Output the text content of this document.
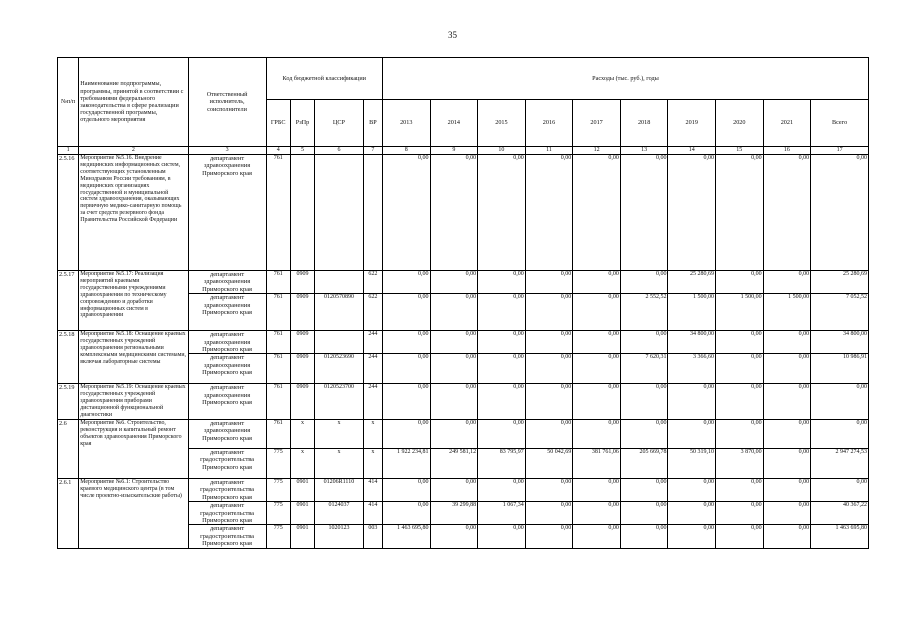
35
№п/п	Наименование подпрограммы, программы, принятой в соответствии с требованиями федерального законодательства в сфере реализации государственной программы, отдельного мероприятия	Ответственный исполнитель, соисполнители	Код бюджетной классификации				Расходы (тыс. руб.), годы									
			ГРБС	РзПр	ЦСР	ВР	2013	2014	2015	2016	2017	2018	2019	2020	2021	Всего
1	2	3	4	5	6	7	8	9	10	11	12	13	14	15	16	17
2.5.16	Мероприятие №5.16. Внедрение медицинских информационных систем, соответствующих установленным Минздравом России требованиям, в медицинских организациях государственной и муниципальной систем здравоохранения, оказывающих первичную медико-санитарную помощь за счет средств резервного фонда Правительства Российской Федерации	департамент здравоохранения Приморского края	761				0,00	0,00	0,00	0,00	0,00	0,00	0,00	0,00	0,00	0,00
2.5.17	Мероприятие №5.17: Реализация мероприятий краевыми государственными учреждениями здравоохранения по техническому сопровождению и доработки информационных систем в здравоохранении	департамент здравоохранения Приморского края	761	0909		622	0,00	0,00	0,00	0,00	0,00	0,00	25 280,69	0,00	0,00	25 280,69
		департамент здравоохранения Приморского края	761	0909	0120570890	622	0,00	0,00	0,00	0,00	0,00	2 552,52	1 500,00	1 500,00	1 500,00	7 052,52
2.5.18	Мероприятие №5.18: Оснащение краевых государственных учреждений здравоохранения региональными комплексными медицинскими системами, включая лабораторные системы	департамент здравоохранения Приморского края	761	0909		244	0,00	0,00	0,00	0,00	0,00	0,00	34 800,00	0,00	0,00	34 800,00
		департамент здравоохранения Приморского края	761	0909	0120523690	244	0,00	0,00	0,00	0,00	0,00	7 620,31	3 366,60	0,00	0,00	10 986,91
2.5.19	Мероприятие №5.19: Оснащение краевых государственных учреждений здравоохранения приборами дистанционной функциональной диагностики	департамент здравоохранения Приморского края	761	0909	0120523700	244	0,00	0,00	0,00	0,00	0,00	0,00	0,00	0,00	0,00	0,00
2.6	Мероприятие №6. Строительство, реконструкция и капитальный ремонт объектов здравоохранения Приморского края	департамент здравоохранения Приморского края	761	x	x	x	0,00	0,00	0,00	0,00	0,00	0,00	0,00	0,00	0,00	0,00
		департамент градостроительства Приморского края	775	x	x	x	1 922 234,81	249 581,12	83 795,97	50 042,69	381 761,06	205 669,78	50 319,10	3 870,00	0,00	2 947 274,53
2.6.1	Мероприятие №6.1: Строительство краевого медицинского центра (в том числе проектно-изыскательские работы)	департамент градостроительства Приморского края	775	0901	01206R1110	414	0,00	0,00	0,00	0,00	0,00	0,00	0,00	0,00	0,00	0,00
		департамент градостроительства Приморского края	775	0901	0124037	414	0,00	39 299,88	1 067,34	0,00	0,00	0,00	0,00	0,00	0,00	40 367,22
		департамент градостроительства Приморского края	775	0901	1020123	003	1 463 695,80	0,00	0,00	0,00	0,00	0,00	0,00	0,00	0,00	1 463 695,80
